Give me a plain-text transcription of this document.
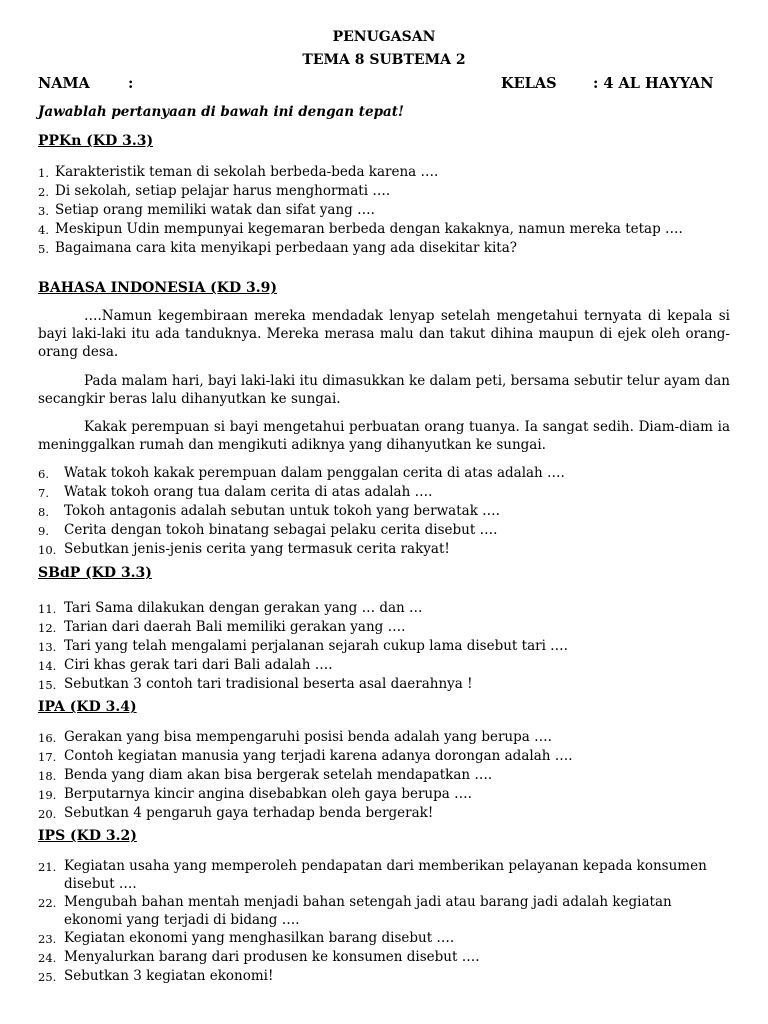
PENUGASAN
TEMA 8 SUBTEMA 2
NAMA	:	KELAS	: 4 AL HAYYAN
Jawablah pertanyaan di bawah ini dengan tepat!
PPKn (KD 3.3)
1. Karakteristik teman di sekolah berbeda-beda karena ….
2. Di sekolah, setiap pelajar harus menghormati ….
3. Setiap orang memiliki watak dan sifat yang ….
4. Meskipun Udin mempunyai kegemaran berbeda dengan kakaknya, namun mereka tetap ….
5. Bagaimana cara kita menyikapi perbedaan yang ada disekitar kita?
BAHASA INDONESIA (KD 3.9)

….Namun kegembiraan mereka mendadak lenyap setelah mengetahui ternyata di kepala si bayi laki-laki itu ada tanduknya. Mereka merasa malu dan takut dihina maupun di ejek oleh orang-orang desa.

Pada malam hari, bayi laki-laki itu dimasukkan ke dalam peti, bersama sebutir telur ayam dan secangkir beras lalu dihanyutkan ke sungai.

Kakak perempuan si bayi mengetahui perbuatan orang tuanya. Ia sangat sedih. Diam-diam ia meninggalkan rumah dan mengikuti adiknya yang dihanyutkan ke sungai.

6.	Watak tokoh kakak perempuan dalam penggalan cerita di atas adalah ….
7.	Watak tokoh orang tua dalam cerita di atas adalah ….
8.	Tokoh antagonis adalah sebutan untuk tokoh yang berwatak ….
9.	Cerita dengan tokoh binatang sebagai pelaku cerita disebut ….
10. Sebutkan jenis-jenis cerita yang termasuk cerita rakyat!
SBdP (KD 3.3)
11. Tari Sama dilakukan dengan gerakan yang … dan …
12. Tarian dari daerah Bali memiliki gerakan yang ….
13. Tari yang telah mengalami perjalanan sejarah cukup lama disebut tari ….
14. Ciri khas gerak tari dari Bali adalah ….
15. Sebutkan 3 contoh tari tradisional beserta asal daerahnya !
IPA (KD 3.4)
16. Gerakan yang bisa mempengaruhi posisi benda adalah yang berupa ….
17. Contoh kegiatan manusia yang terjadi karena adanya dorongan adalah ….
18. Benda yang diam akan bisa bergerak setelah mendapatkan ….
19. Berputarnya kincir angina disebabkan oleh gaya berupa ….
20. Sebutkan 4 pengaruh gaya terhadap benda bergerak!
IPS (KD 3.2)
21. Kegiatan usaha yang memperoleh pendapatan dari memberikan pelayanan kepada konsumen disebut ….
22. Mengubah bahan mentah menjadi bahan setengah jadi atau barang jadi adalah kegiatan ekonomi yang terjadi di bidang ….
23. Kegiatan ekonomi yang menghasilkan barang disebut ….
24. Menyalurkan barang dari produsen ke konsumen disebut ….
25. Sebutkan 3 kegiatan ekonomi!
